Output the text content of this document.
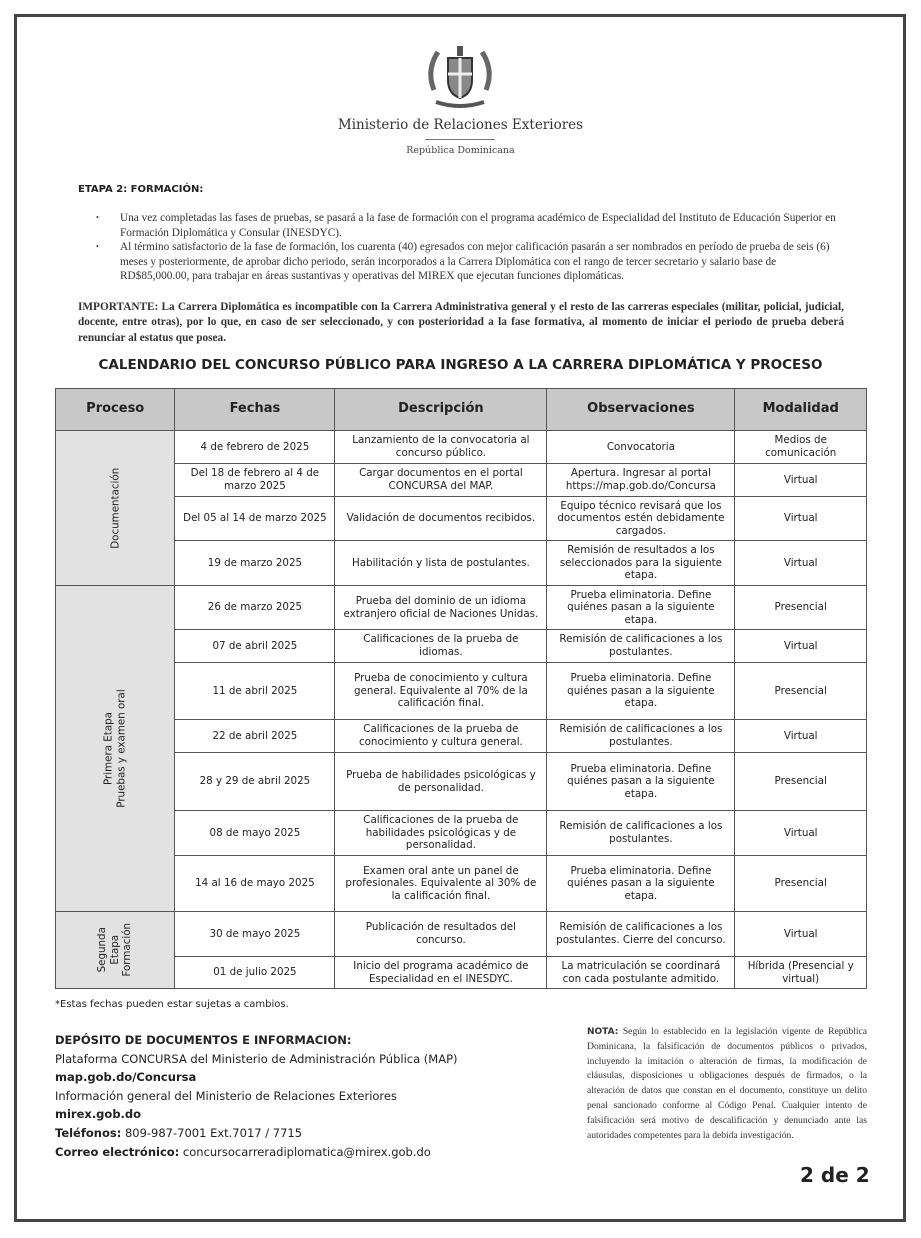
Ministerio de Relaciones Exteriores
República Dominicana
ETAPA 2: FORMACIÓN:
• Una vez completadas las fases de pruebas, se pasará a la fase de formación con el programa académico de Especialidad del Instituto de Educación Superior en Formación Diplomática y Consular (INESDYC).
• Al término satisfactorio de la fase de formación, los cuarenta (40) egresados con mejor calificación pasarán a ser nombrados en período de prueba de seis (6) meses y posteriormente, de aprobar dicho periodo, serán incorporados a la Carrera Diplomática con el rango de tercer secretario y salario base de RD$85,000.00, para trabajar en áreas sustantivas y operativas del MIREX que ejecutan funciones diplomáticas.
IMPORTANTE: La Carrera Diplomática es incompatible con la Carrera Administrativa general y el resto de las carreras especiales (militar, policial, judicial, docente, entre otras), por lo que, en caso de ser seleccionado, y con posterioridad a la fase formativa, al momento de iniciar el periodo de prueba deberá renunciar al estatus que posea.
CALENDARIO DEL CONCURSO PÚBLICO PARA INGRESO A LA CARRERA DIPLOMÁTICA Y PROCESO
Proceso	Fechas	Descripción	Observaciones	Modalidad

Documentación	4 de febrero de 2025	Lanzamiento de la convocatoria al concurso público.	Convocatoria	Medios de comunicación
	Del 18 de febrero al 4 de marzo 2025	Cargar documentos en el portal CONCURSA del MAP.	Apertura. Ingresar al portal https://map.gob.do/Concursa	Virtual
	Del 05 al 14 de marzo 2025	Validación de documentos recibidos.	Equipo técnico revisará que los documentos estén debidamente cargados.	Virtual
	19 de marzo 2025	Habilitación y lista de postulantes.	Remisión de resultados a los seleccionados para la siguiente etapa.	Virtual

Primera Etapa Pruebas y examen oral	26 de marzo 2025	Prueba del dominio de un idioma extranjero oficial de Naciones Unidas.	Prueba eliminatoria. Define quiénes pasan a la siguiente etapa.	Presencial
	07 de abril 2025	Calificaciones de la prueba de idiomas.	Remisión de calificaciones a los postulantes.	Virtual
	11 de abril 2025	Prueba de conocimiento y cultura general. Equivalente al 70% de la calificación final.	Prueba eliminatoria. Define quiénes pasan a la siguiente etapa.	Presencial
	22 de abril 2025	Calificaciones de la prueba de conocimiento y cultura general.	Remisión de calificaciones a los postulantes.	Virtual
	28 y 29 de abril 2025	Prueba de habilidades psicológicas y de personalidad.	Prueba eliminatoria. Define quiénes pasan a la siguiente etapa.	Presencial
	08 de mayo 2025	Calificaciones de la prueba de habilidades psicológicas y de personalidad.	Remisión de calificaciones a los postulantes.	Virtual
	14 al 16 de mayo 2025	Examen oral ante un panel de profesionales. Equivalente al 30% de la calificación final.	Prueba eliminatoria. Define quiénes pasan a la siguiente etapa.	Presencial

Segunda Etapa Formación	30 de mayo 2025	Publicación de resultados del concurso.	Remisión de calificaciones a los postulantes. Cierre del concurso.	Virtual
	01 de julio 2025	Inicio del programa académico de Especialidad en el INESDYC.	La matriculación se coordinará con cada postulante admitido.	Híbrida (Presencial y virtual)
*Estas fechas pueden estar sujetas a cambios.
DEPÓSITO DE DOCUMENTOS E INFORMACION:
Plataforma CONCURSA del Ministerio de Administración Pública (MAP)
map.gob.do/Concursa
Información general del Ministerio de Relaciones Exteriores
mirex.gob.do
Teléfonos: 809-987-7001 Ext.7017 / 7715
Correo electrónico: concursocarreradiplomatica@mirex.gob.do
NOTA: Según lo establecido en la legislación vigente de República Dominicana, la falsificación de documentos públicos o privados, incluyendo la imitación o alteración de firmas, la modificación de cláusulas, disposiciones u obligaciones después de firmados, o la alteración de datos que constan en el documento, constituye un delito penal sancionado conforme al Código Penal. Cualquier intento de falsificación será motivo de descalificación y denunciado ante las autoridades competentes para la debida investigación.
2 de 2
